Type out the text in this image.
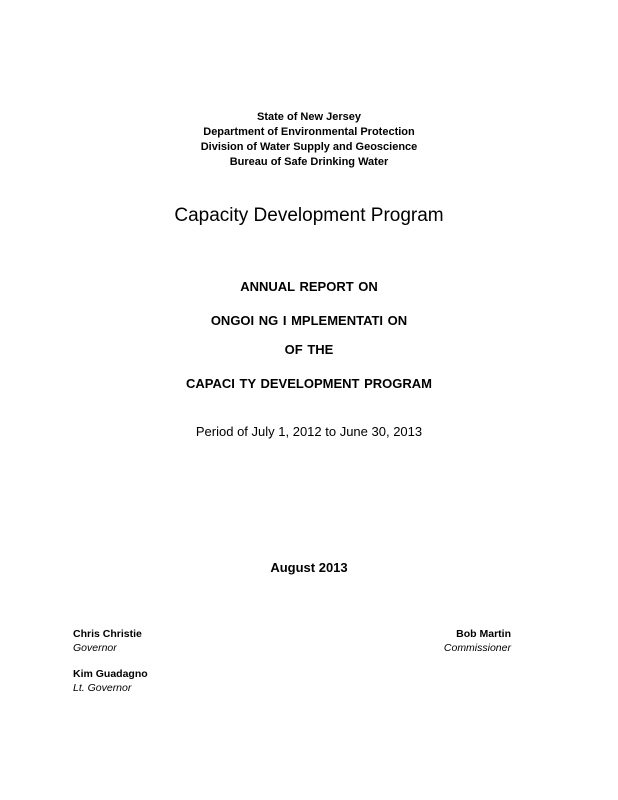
State of New Jersey
Department of Environmental Protection
Division of Water Supply and Geoscience
Bureau of Safe Drinking Water
Capacity Development Program
ANNUAL REPORT ON
ONGOI NG I MPLEMENTATI ON
OF THE
CAPACI TY DEVELOPMENT PROGRAM
Period of July 1, 2012 to June 30, 2013
August 2013
Chris Christie
Governor
Bob Martin
Commissioner
Kim Guadagno
Lt. Governor
